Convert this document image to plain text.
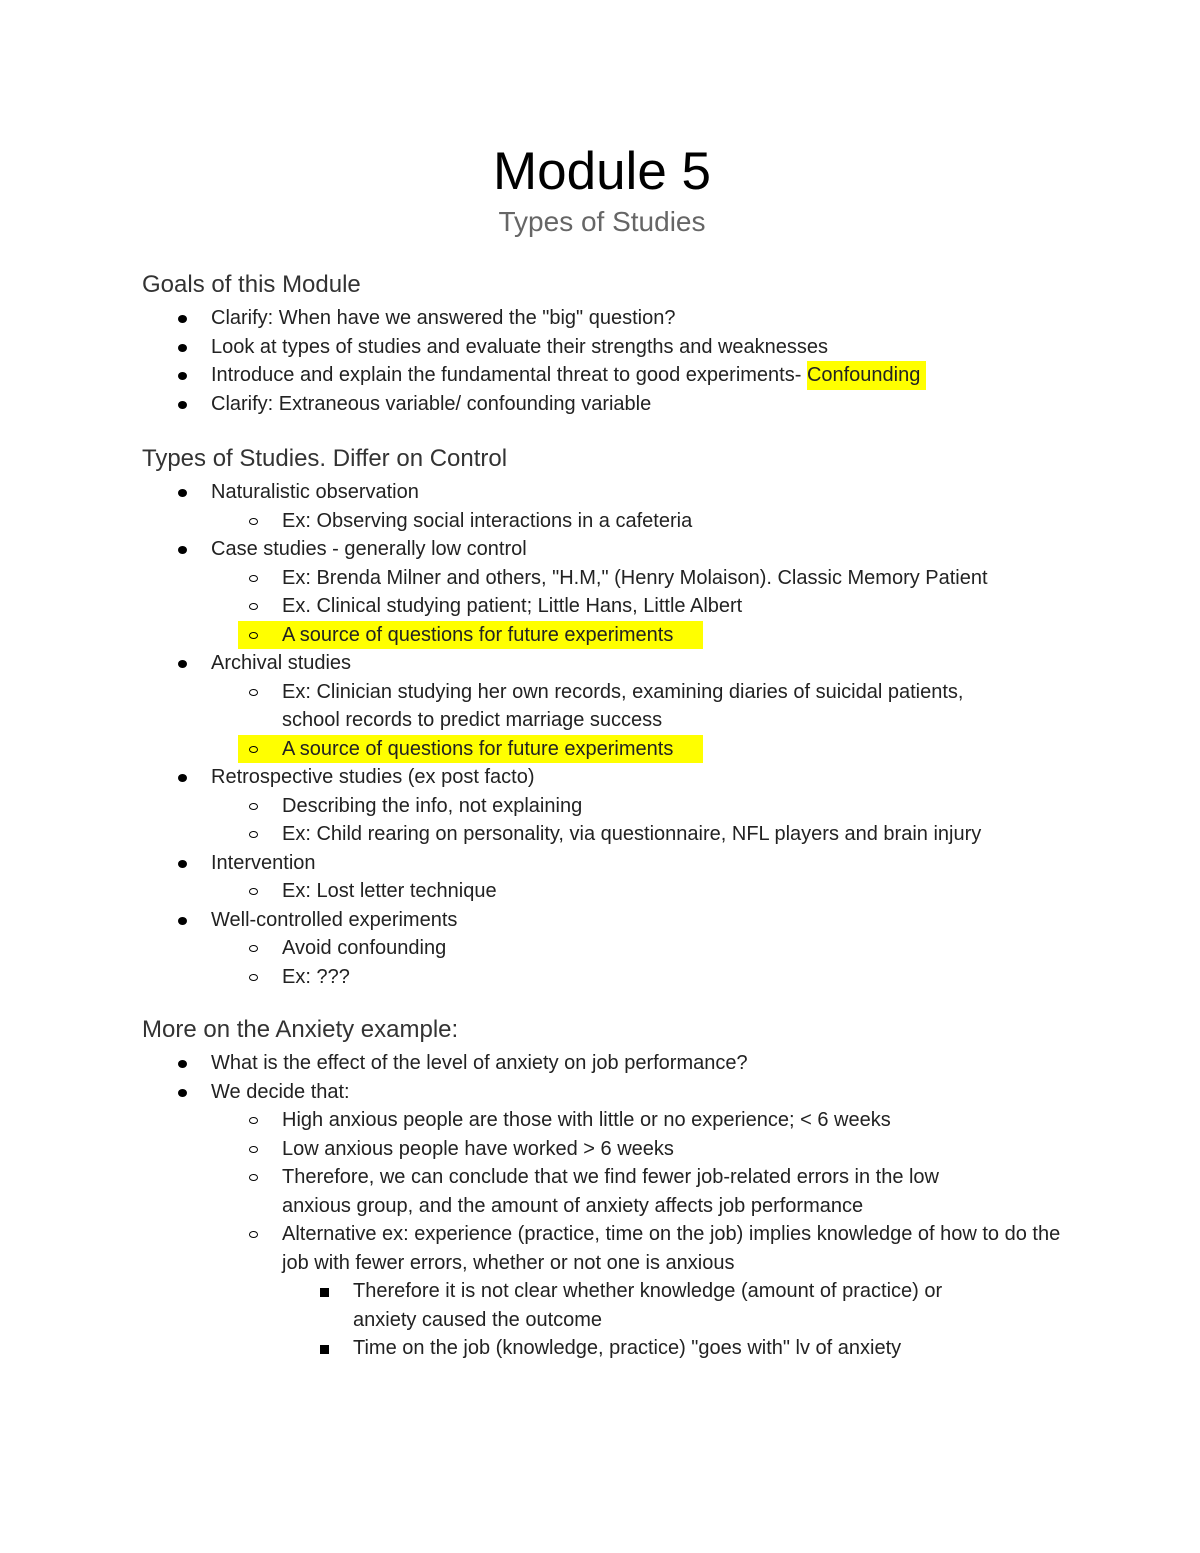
Module 5
Types of Studies
Goals of this Module
Clarify: When have we answered the "big" question?
Look at types of studies and evaluate their strengths and weaknesses
Introduce and explain the fundamental threat to good experiments- Confounding
Clarify: Extraneous variable/ confounding variable
Types of Studies. Differ on Control
Naturalistic observation
Ex: Observing social interactions in a cafeteria
Case studies - generally low control
Ex: Brenda Milner and others, "H.M," (Henry Molaison). Classic Memory Patient
Ex. Clinical studying patient; Little Hans, Little Albert
A source of questions for future experiments
Archival studies
Ex: Clinician studying her own records, examining diaries of suicidal patients, school records to predict marriage success
A source of questions for future experiments
Retrospective studies (ex post facto)
Describing the info, not explaining
Ex: Child rearing on personality, via questionnaire, NFL players and brain injury
Intervention
Ex: Lost letter technique
Well-controlled experiments
Avoid confounding
Ex: ???
More on the Anxiety example:
What is the effect of the level of anxiety on job performance?
We decide that:
High anxious people are those with little or no experience; < 6 weeks
Low anxious people have worked > 6 weeks
Therefore, we can conclude that we find fewer job-related errors in the low anxious group, and the amount of anxiety affects job performance
Alternative ex: experience (practice, time on the job) implies knowledge of how to do the job with fewer errors, whether or not one is anxious
Therefore it is not clear whether knowledge (amount of practice) or anxiety caused the outcome
Time on the job (knowledge, practice) "goes with" lv of anxiety
